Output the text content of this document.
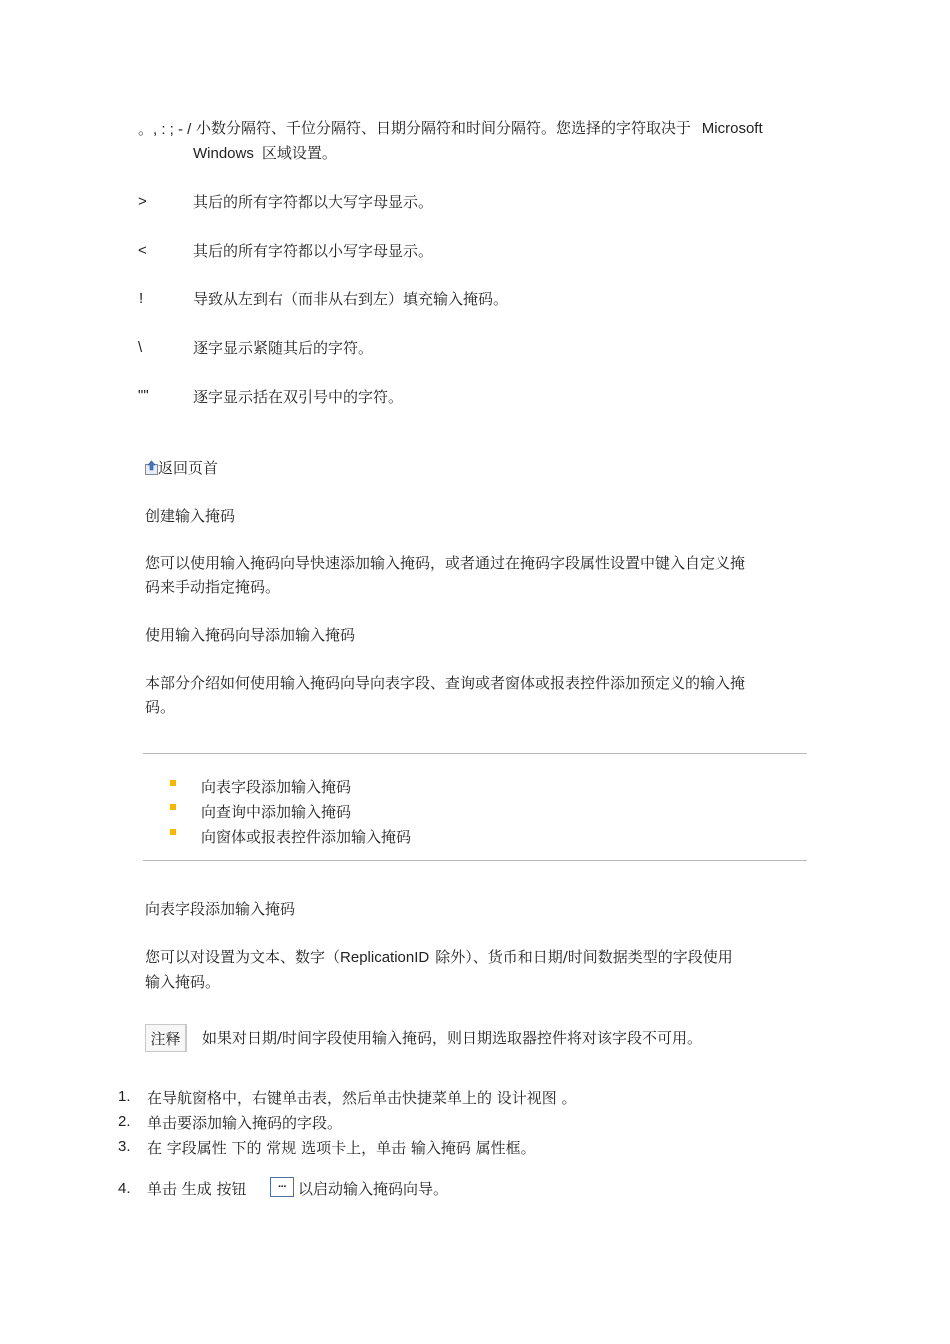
。, : ; - / 小数分隔符、千位分隔符、日期分隔符和时间分隔符。您选择的字符取决于 Microsoft
Windows 区域设置。
>	其后的所有字符都以大写字母显示。
<	其后的所有字符都以小写字母显示。
!	导致从左到右（而非从右到左）填充输入掩码。
\	逐字显示紧随其后的字符。
""	逐字显示括在双引号中的字符。
返回页首
创建输入掩码
您可以使用输入掩码向导快速添加输入掩码，或者通过在掩码字段属性设置中键入自定义掩
码来手动指定掩码。
使用输入掩码向导添加输入掩码
本部分介绍如何使用输入掩码向导向表字段、查询或者窗体或报表控件添加预定义的输入掩
码。
向表字段添加输入掩码
向查询中添加输入掩码
向窗体或报表控件添加输入掩码
向表字段添加输入掩码
您可以对设置为文本、数字（ReplicationID 除外）、货币和日期/时间数据类型的字段使用
输入掩码。
注释	如果对日期/时间字段使用输入掩码，则日期选取器控件将对该字段不可用。
1. 在导航窗格中，右键单击表，然后单击快捷菜单上的 设计视图 。
2. 单击要添加输入掩码的字段。
3. 在 字段属性 下的 常规 选项卡上，单击 输入掩码 属性框。
4. 单击 生成 按钮	··· 以启动输入掩码向导。
